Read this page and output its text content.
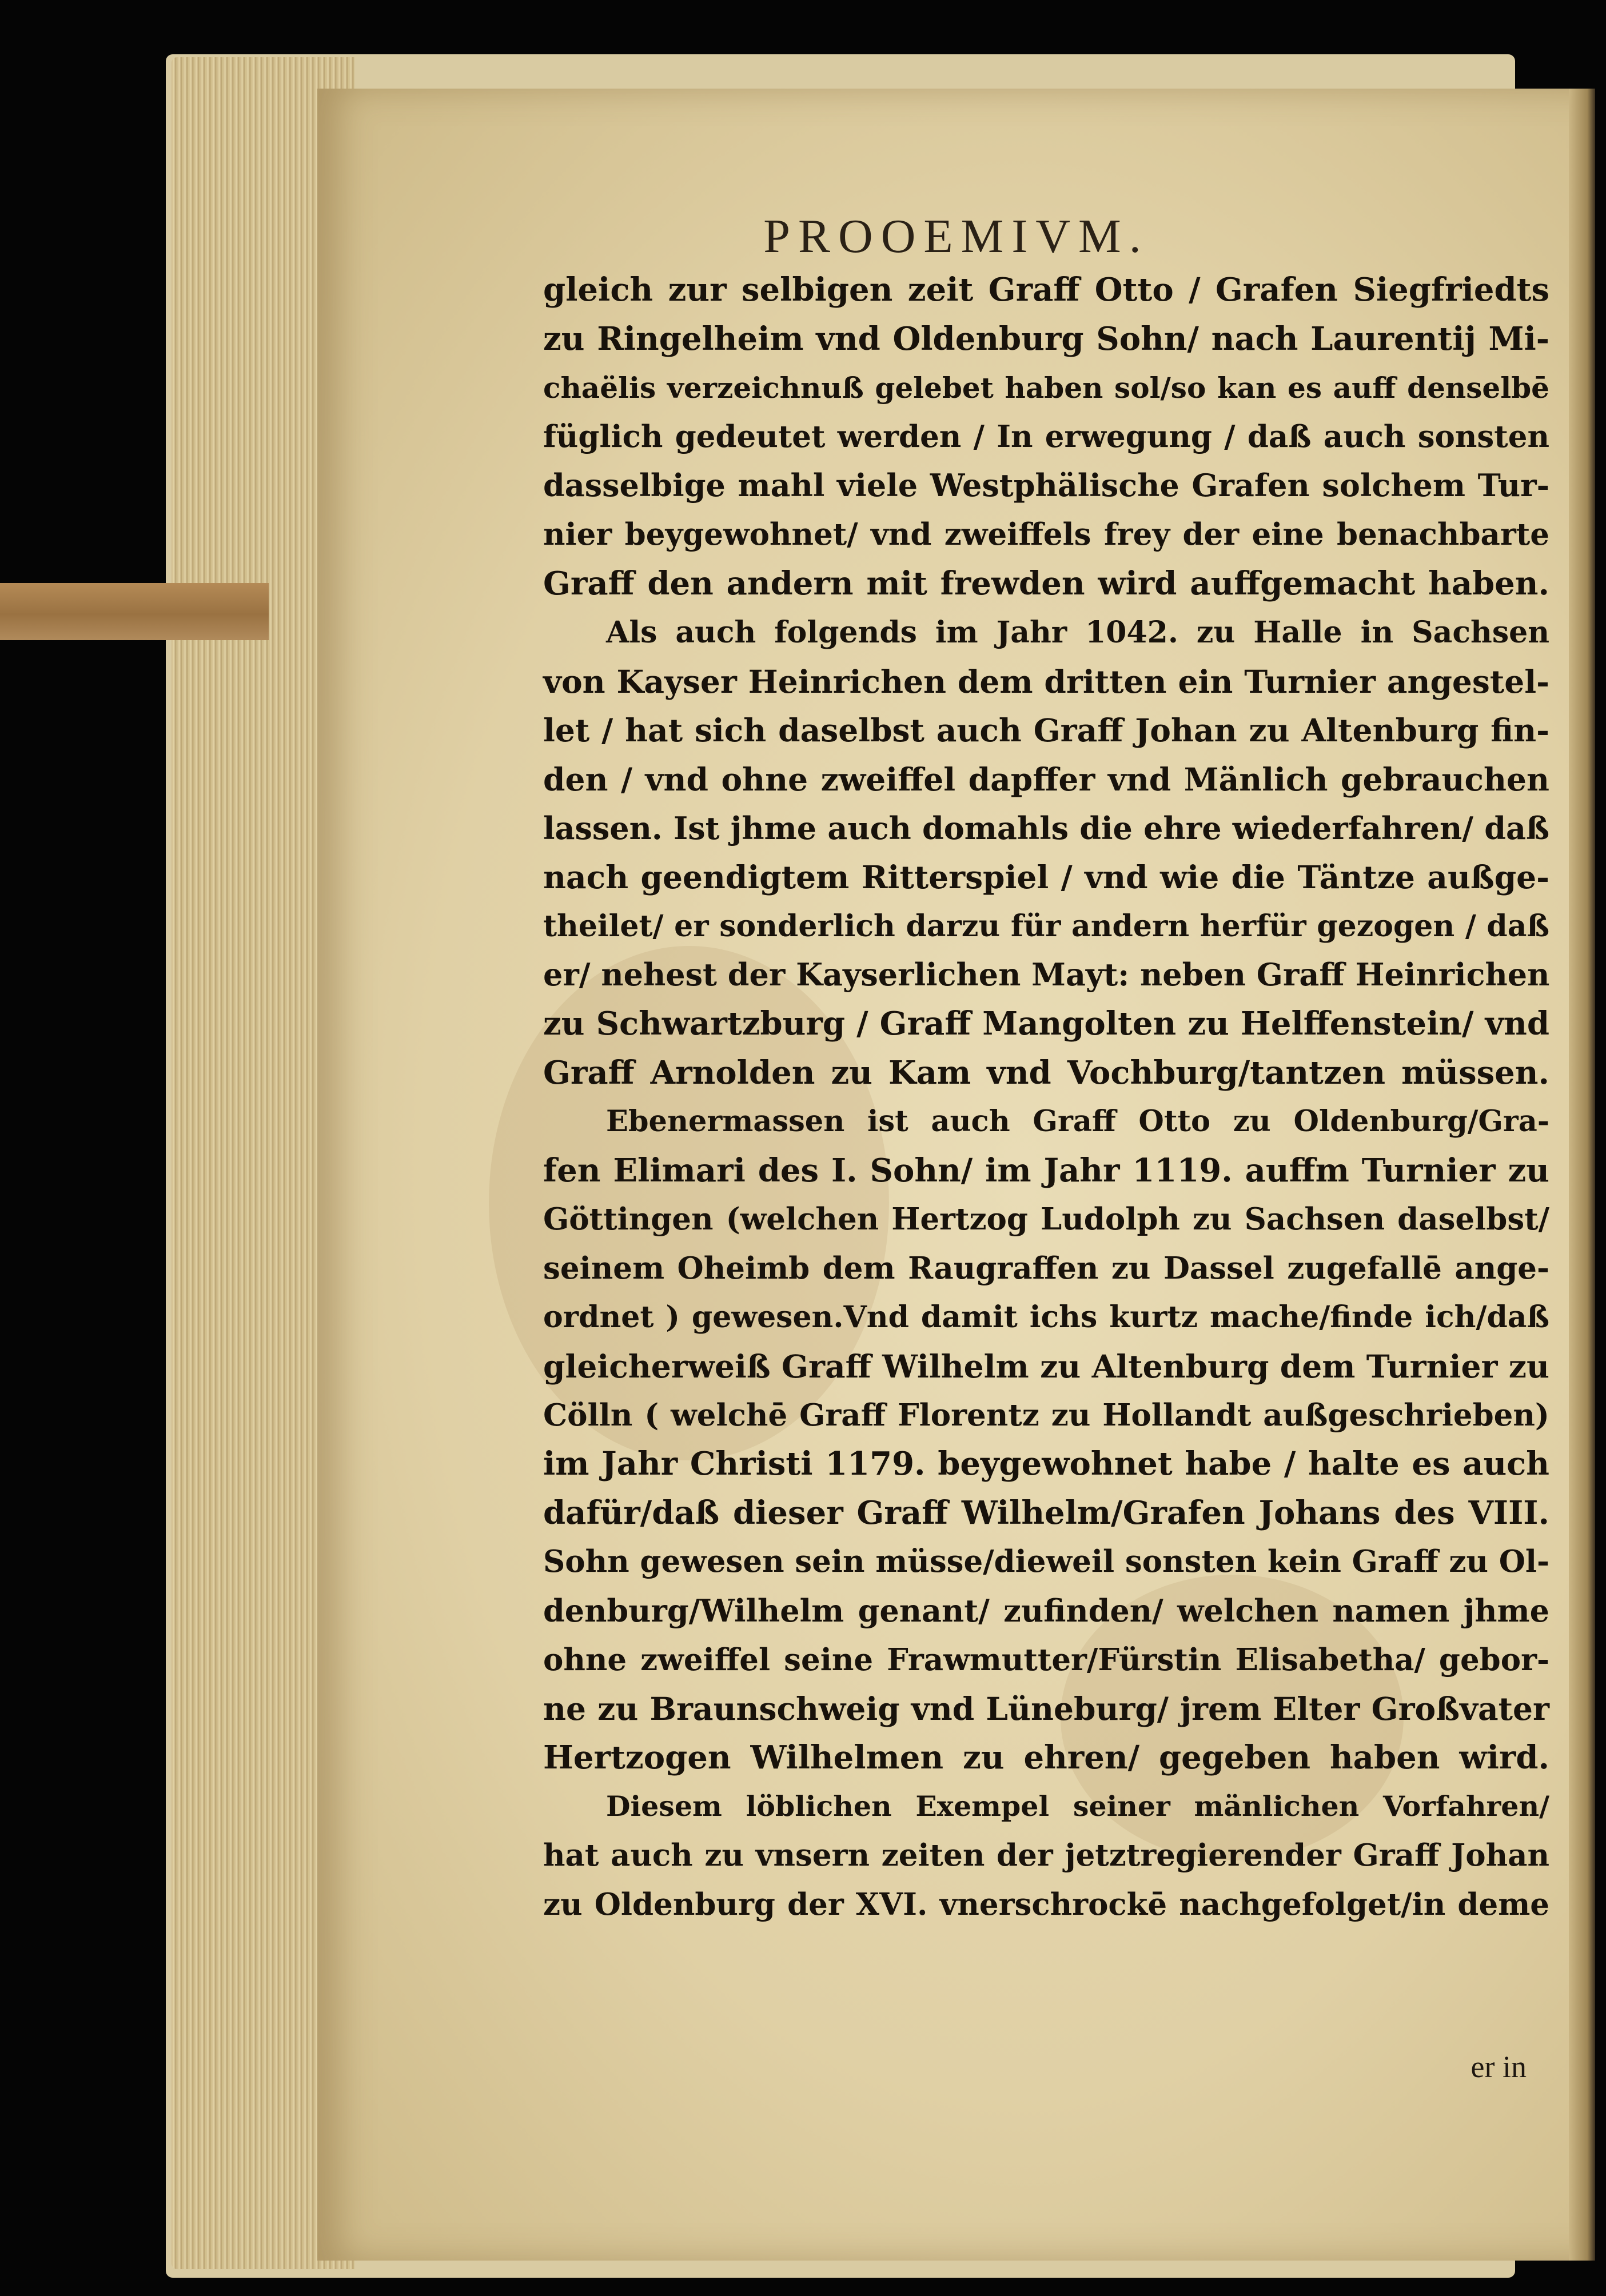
PROOEMIVM.
gleich zur selbigen zeit Graff Otto / Grafen Siegfriedts
zu Ringelheim vnd Oldenburg Sohn/ nach Laurentij Mi-
chaëlis verzeichnuß gelebet haben sol/so kan es auff denselbē
füglich gedeutet werden / In erwegung / daß auch sonsten
dasselbige mahl viele Westphälische Grafen solchem Tur-
nier beygewohnet/ vnd zweiffels frey der eine benachbarte
Graff den andern mit frewden wird auffgemacht haben.
Als auch folgends im Jahr 1042. zu Halle in Sachsen
von Kayser Heinrichen dem dritten ein Turnier angestel-
let / hat sich daselbst auch Graff Johan zu Altenburg fin-
den / vnd ohne zweiffel dapffer vnd Mänlich gebrauchen
lassen. Ist jhme auch domahls die ehre wiederfahren/ daß
nach geendigtem Ritterspiel / vnd wie die Täntze außge-
theilet/ er sonderlich darzu für andern herfür gezogen / daß
er/ nehest der Kayserlichen Mayt: neben Graff Heinrichen
zu Schwartzburg / Graff Mangolten zu Helffenstein/ vnd
Graff Arnolden zu Kam vnd Vochburg/tantzen müssen.
Ebenermassen ist auch Graff Otto zu Oldenburg/Gra-
fen Elimari des I. Sohn/ im Jahr 1119. auffm Turnier zu
Göttingen (welchen Hertzog Ludolph zu Sachsen daselbst/
seinem Oheimb dem Raugraffen zu Dassel zugefallē ange-
ordnet ) gewesen.Vnd damit ichs kurtz mache/finde ich/daß
gleicherweiß Graff Wilhelm zu Altenburg dem Turnier zu
Cölln ( welchē Graff Florentz zu Hollandt außgeschrieben)
im Jahr Christi 1179. beygewohnet habe / halte es auch
dafür/daß dieser Graff Wilhelm/Grafen Johans des VIII.
Sohn gewesen sein müsse/dieweil sonsten kein Graff zu Ol-
denburg/Wilhelm genant/ zufinden/ welchen namen jhme
ohne zweiffel seine Frawmutter/Fürstin Elisabetha/ gebor-
ne zu Braunschweig vnd Lüneburg/ jrem Elter Großvater
Hertzogen Wilhelmen zu ehren/ gegeben haben wird.
Diesem löblichen Exempel seiner mänlichen Vorfahren/
hat auch zu vnsern zeiten der jetztregierender Graff Johan
zu Oldenburg der XVI. vnerschrockē nachgefolget/in deme
er in
